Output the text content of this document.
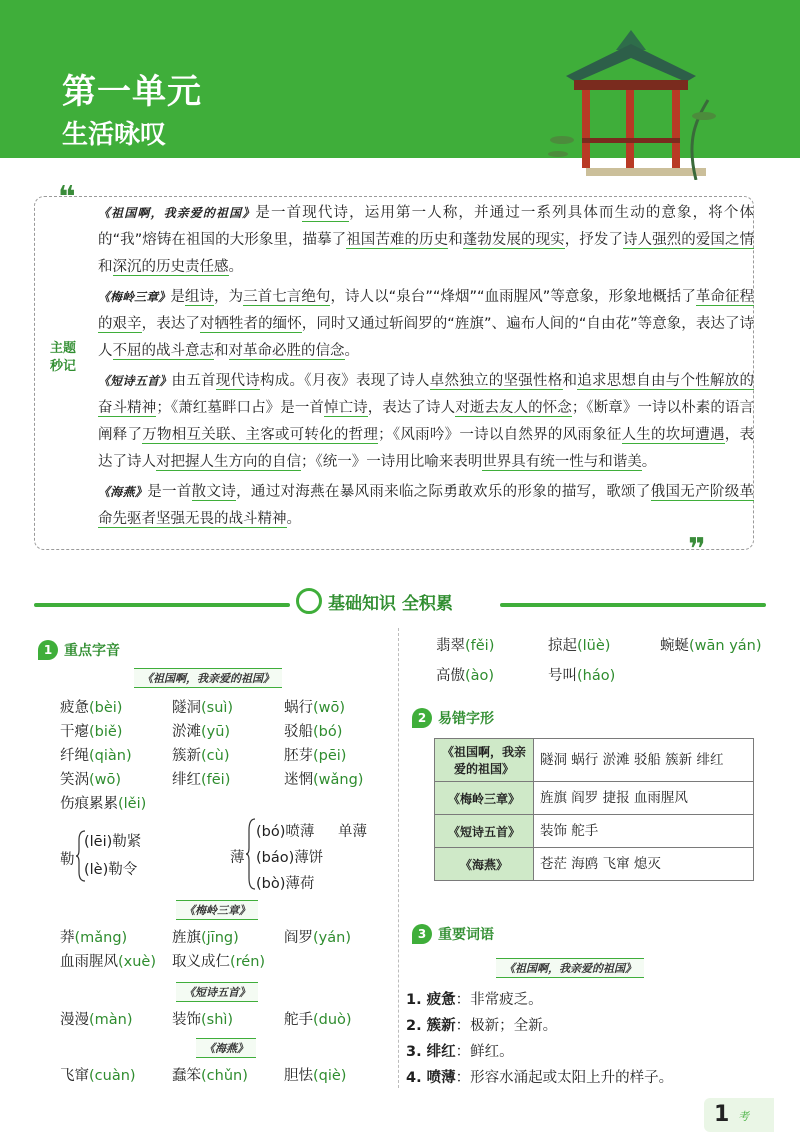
第一单元
生活咏叹
❝
❞
主题秒记

《祖国啊，我亲爱的祖国》是一首现代诗，运用第一人称，并通过一系列具体而生动的意象，将个体的“我”熔铸在祖国的大形象里，描摹了祖国苦难的历史和蓬勃发展的现实，抒发了诗人强烈的爱国之情和深沉的历史责任感。

《梅岭三章》是组诗，为三首七言绝句，诗人以“泉台”“烽烟”“血雨腥风”等意象，形象地概括了革命征程的艰辛，表达了对牺牲者的缅怀，同时又通过斩阎罗的“旌旗”、遍布人间的“自由花”等意象，表达了诗人不屈的战斗意志和对革命必胜的信念。

《短诗五首》由五首现代诗构成。《月夜》表现了诗人卓然独立的坚强性格和追求思想自由与个性解放的奋斗精神；《萧红墓畔口占》是一首悼亡诗，表达了诗人对逝去友人的怀念；《断章》一诗以朴素的语言阐释了万物相互关联、主客或可转化的哲理；《风雨吟》一诗以自然界的风雨象征人生的坎坷遭遇，表达了诗人对把握人生方向的自信；《统一》一诗用比喻来表明世界具有统一性与和谐美。

《海燕》是一首散文诗，通过对海燕在暴风雨来临之际勇敢欢乐的形象的描写，歌颂了俄国无产阶级革命先驱者坚强无畏的战斗精神。

基础知识 全积累
1 重点字音
《祖国啊，我亲爱的祖国》
疲惫(bèi)	隧洞(suì)	蜗行(wō)
干瘪(biě)	淤滩(yū)	驳船(bó)
纤绳(qiàn)	簇新(cù)	胚芽(pēi)
笑涡(wō)	绯红(fēi)	迷惘(wǎng)
伤痕累累(lěi)
勒
(lēi)勒紧
(lè)勒令
薄
(bó)喷薄 单薄
(báo)薄饼
(bò)薄荷
《梅岭三章》
莽(mǎng)	旌旗(jīng)	阎罗(yán)
血雨腥风(xuè) 取义成仁(rén)
《短诗五首》
漫漫(màn)	装饰(shì)	舵手(duò)
《海燕》
飞窜(cuàn)	蠢笨(chǔn) 胆怯(qiè)
翡翠(fěi)	掠起(lüè)	蜿蜒(wān yán)
高傲(ào)	号叫(háo)
2 易错字形
《祖国啊，我亲爱的祖国》	隧洞 蜗行 淤滩 驳船 簇新 绯红
《梅岭三章》	旌旗 阎罗 捷报 血雨腥风
《短诗五首》	装饰 舵手
《海燕》	苍茫 海鸥 飞窜 熄灭
3 重要词语
《祖国啊，我亲爱的祖国》
1. 疲惫：非常疲乏。
2. 簇新：极新；全新。
3. 绯红：鲜红。
4. 喷薄：形容水涌起或太阳上升的样子。
1 考
